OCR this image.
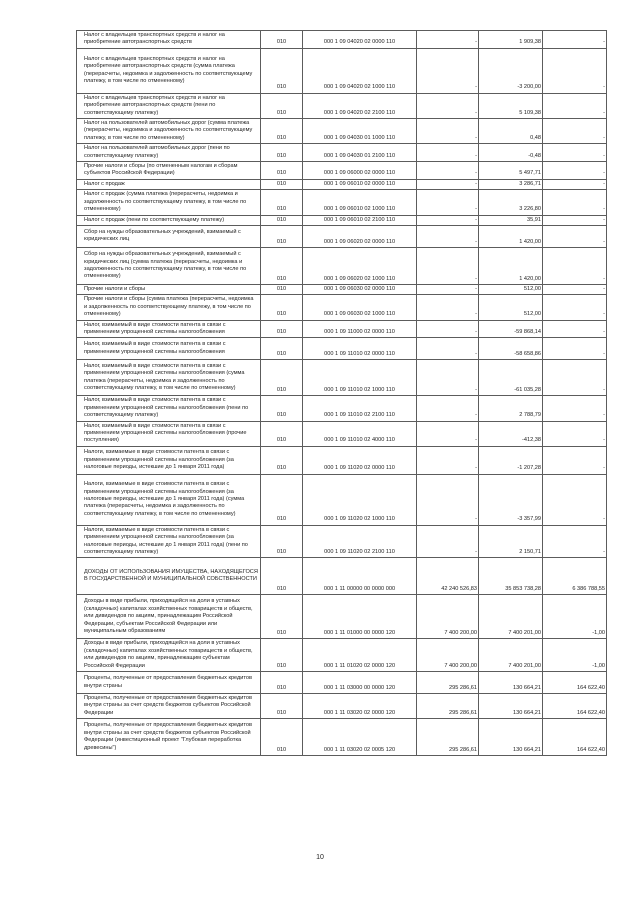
Налог с владельцев транспортных средств и налог на приобретение автотранспортных средств	010	000 1 09 04020 02 0000 110	-	1 909,38	-
Налог с владельцев транспортных средств и налог на приобретение автотранспортных средств (сумма платежа (перерасчеты, недоимка и задолженность по соответствующему платежу, в том числе по отмененному)	010	000 1 09 04020 02 1000 110	-	-3 200,00	-
Налог с владельцев транспортных средств и налог на приобретение автотранспортных средств (пени по соответствующему платежу)	010	000 1 09 04020 02 2100 110	-	5 109,38	-
Налог на пользователей автомобильных дорог (сумма платежа (перерасчеты, недоимка и задолженность по соответствующему платежу, в том числе по отмененному)	010	000 1 09 04030 01 1000 110	-	0,48	-
Налог на пользователей автомобильных дорог (пени по соответствующему платежу)	010	000 1 09 04030 01 2100 110	-	-0,48	-
Прочие налоги и сборы (по отмененным налогам и сборам субъектов Российской Федерации)	010	000 1 09 06000 02 0000 110	-	5 497,71	-
Налог с продаж	010	000 1 09 06010 02 0000 110	-	3 286,71	-
Налог с продаж (сумма платежа (перерасчеты, недоимка и задолженность по соответствующему платежу, в том числе по отмененному)	010	000 1 09 06010 02 1000 110	-	3 226,80	-
Налог с продаж (пени по соответствующему платежу)	010	000 1 09 06010 02 2100 110	-	35,91	-
Сбор на нужды образовательных учреждений, взимаемый с юридических лиц	010	000 1 09 06020 02 0000 110	-	1 420,00	-
Сбор на нужды образовательных учреждений, взимаемый с юридических лиц (сумма платежа (перерасчеты, недоимка и задолженность по соответствующему платежу, в том числе по отмененному)	010	000 1 09 06020 02 1000 110	-	1 420,00	-
Прочие налоги и сборы	010	000 1 09 06030 02 0000 110	-	512,00	-
Прочие налоги и сборы (сумма платежа (перерасчеты, недоимка и задолженность по соответствующему платежу, в том числе по отмененному)	010	000 1 09 06030 02 1000 110	-	512,00	-
Налог, взимаемый в виде стоимости патента в связи с применением упрощенной системы налогообложения	010	000 1 09 11000 02 0000 110	-	-59 868,14	-
Налог, взимаемый в виде стоимости патента в связи с применением упрощенной системы налогообложения	010	000 1 09 11010 02 0000 110	-	-58 658,86	-
Налог, взимаемый в виде стоимости патента в связи с применением упрощенной системы налогообложения (сумма платежа (перерасчеты, недоимка и задолженность по соответствующему платежу, в том числе по отмененному)	010	000 1 09 11010 02 1000 110	-	-61 035,28	-
Налог, взимаемый в виде стоимости патента в связи с применением упрощенной системы налогообложения (пени по соответствующему платежу)	010	000 1 09 11010 02 2100 110	-	2 788,79	-
Налог, взимаемый в виде стоимости патента в связи с применением упрощенной системы налогообложения (прочие поступления)	010	000 1 09 11010 02 4000 110	-	-412,38	-
Налоги, взимаемые в виде стоимости патента в связи с применением упрощенной системы налогообложения (за налоговые периоды, истекшие до 1 января 2011 года)	010	000 1 09 11020 02 0000 110	-	-1 207,28	-
Налоги, взимаемые в виде стоимости патента в связи с применением упрощенной системы налогообложения (за налоговые периоды, истекшие до 1 января 2011 года) (сумма платежа (перерасчеты, недоимка и задолженность по соответствующему платежу, в том числе по отмененному)	010	000 1 09 11020 02 1000 110	-	-3 357,99	-
Налоги, взимаемые в виде стоимости патента в связи с применением упрощенной системы налогообложения (за налоговые периоды, истекшие до 1 января 2011 года) (пени по соответствующему платежу)	010	000 1 09 11020 02 2100 110	-	2 150,71	-
ДОХОДЫ ОТ ИСПОЛЬЗОВАНИЯ ИМУЩЕСТВА, НАХОДЯЩЕГОСЯ В ГОСУДАРСТВЕННОЙ И МУНИЦИПАЛЬНОЙ СОБСТВЕННОСТИ	010	000 1 11 00000 00 0000 000	42 240 526,83	35 853 738,28	6 386 788,55
Доходы в виде прибыли, приходящейся на доли в уставных (складочных) капиталах хозяйственных товариществ и обществ, или дивидендов по акциям, принадлежащим Российской Федерации, субъектам Российской Федерации или муниципальным образованиям	010	000 1 11 01000 00 0000 120	7 400 200,00	7 400 201,00	-1,00
Доходы в виде прибыли, приходящейся на доли в уставных (складочных) капиталах хозяйственных товариществ и обществ, или дивидендов по акциям, принадлежащим субъектам Российской Федерации	010	000 1 11 01020 02 0000 120	7 400 200,00	7 400 201,00	-1,00
Проценты, полученные от предоставления бюджетных кредитов внутри страны	010	000 1 11 03000 00 0000 120	295 286,61	130 664,21	164 622,40
Проценты, полученные от предоставления бюджетных кредитов внутри страны за счет средств бюджетов субъектов Российской Федерации	010	000 1 11 03020 02 0000 120	295 286,61	130 664,21	164 622,40
Проценты, полученные от предоставления бюджетных кредитов внутри страны за счет средств бюджетов субъектов Российской Федерации (инвестиционный проект "Глубокая переработка древесины")	010	000 1 11 03020 02 0005 120	295 286,61	130 664,21	164 622,40
10
